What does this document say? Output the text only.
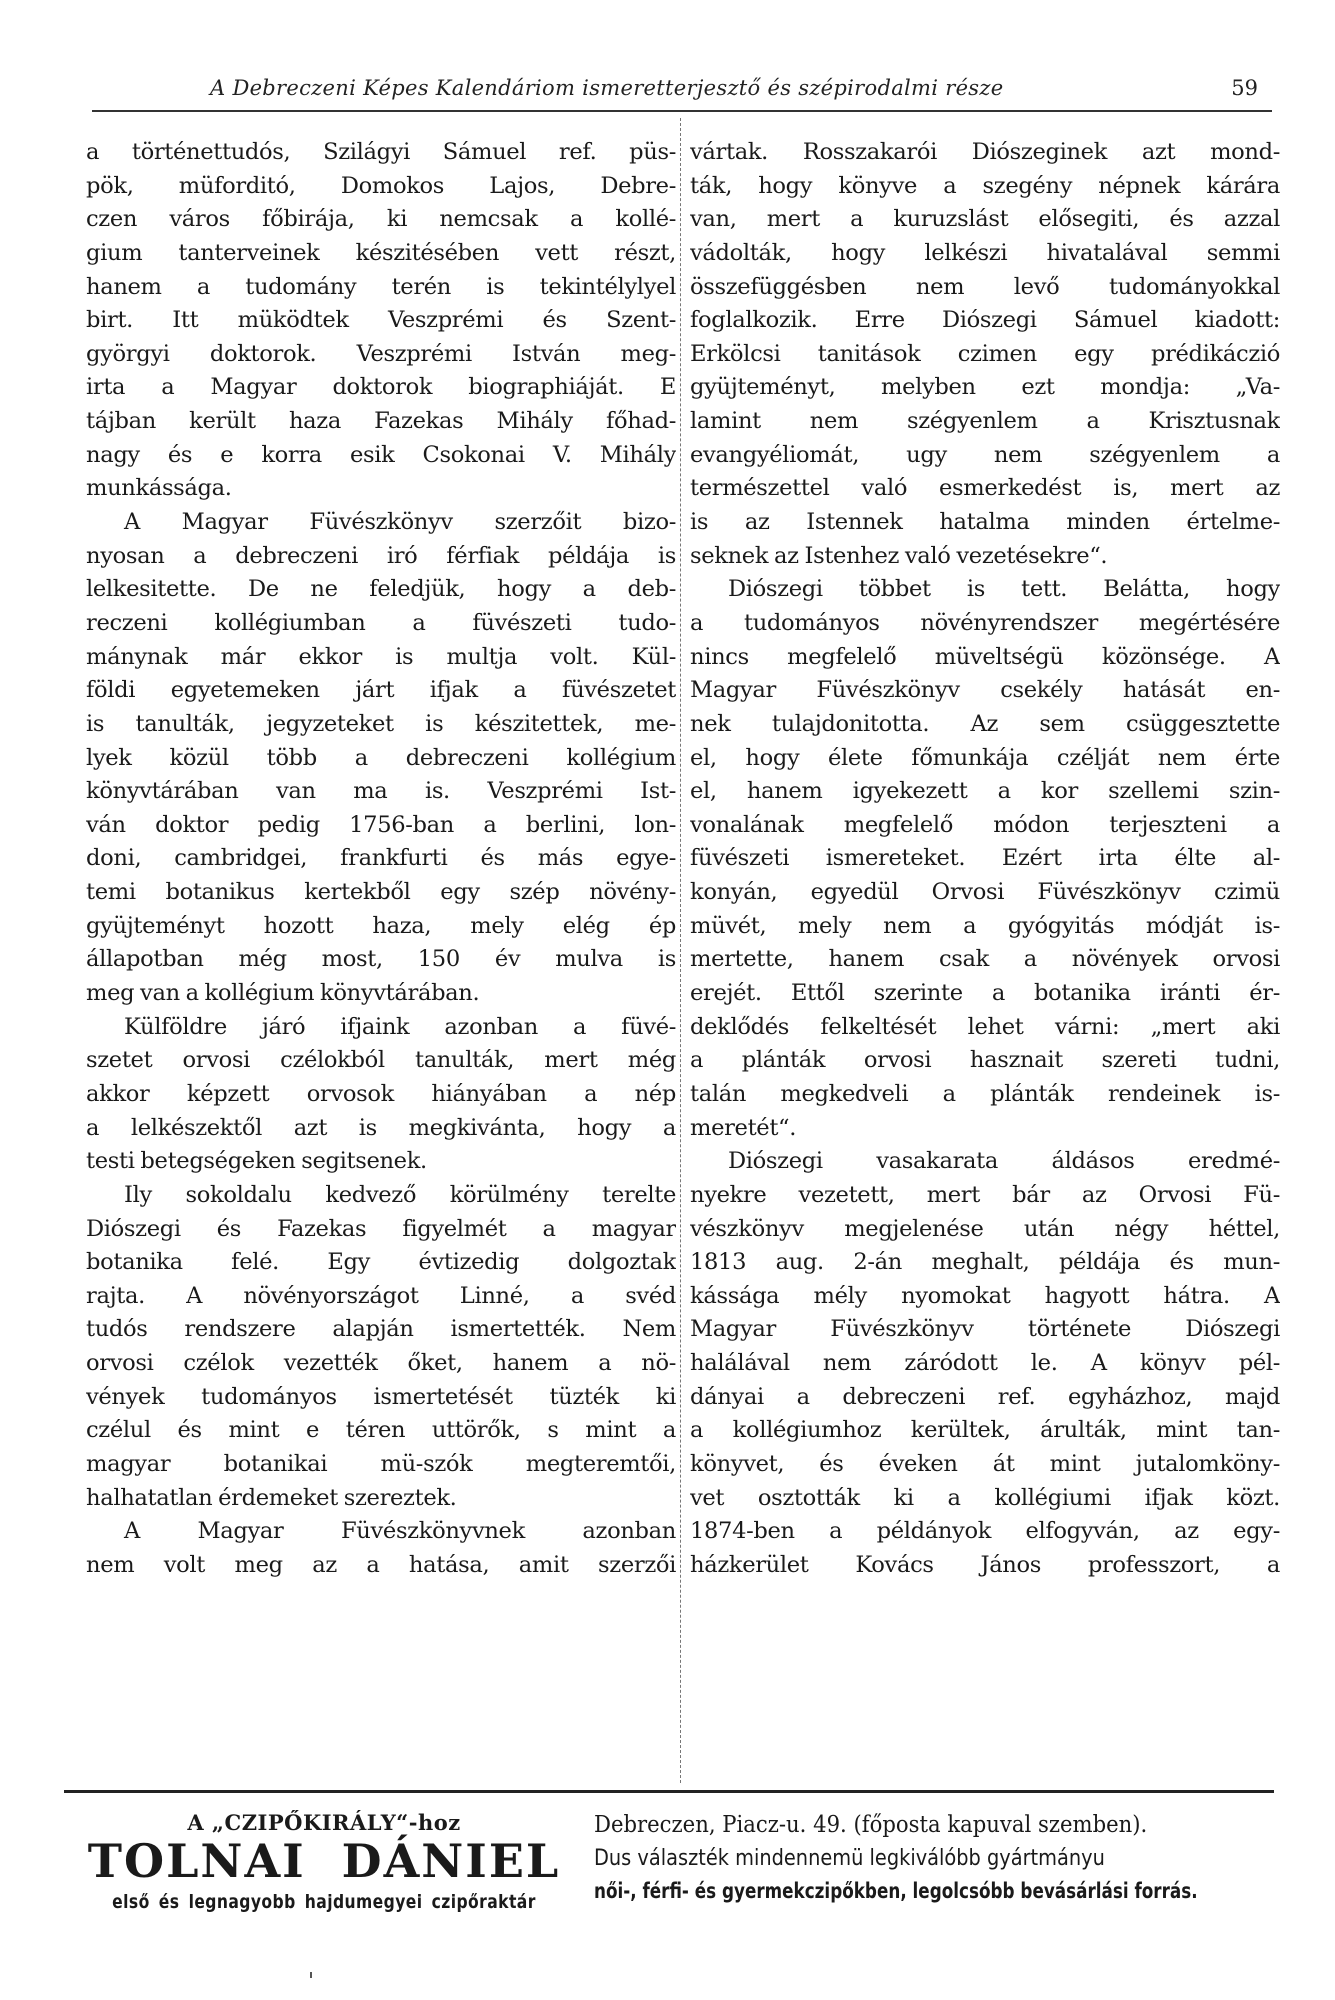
A Debreczeni Képes Kalendáriom ismeretterjesztő és szépirodalmi része	59
a történettudós, Szilágyi Sámuel ref. püs-
pök, müforditó, Domokos Lajos, Debre-
czen város főbirája, ki nemcsak a kollé-
gium tanterveinek készitésében vett részt,
hanem a tudomány terén is tekintélylyel
birt. Itt müködtek Veszprémi és Szent-
györgyi doktorok. Veszprémi István meg-
irta a Magyar doktorok biographiáját. E
tájban került haza Fazekas Mihály főhad-
nagy és e korra esik Csokonai V. Mihály
munkássága.
A Magyar Füvészkönyv szerzőit bizo-
nyosan a debreczeni iró férfiak példája is
lelkesitette. De ne feledjük, hogy a deb-
reczeni kollégiumban a füvészeti tudo-
mánynak már ekkor is multja volt. Kül-
földi egyetemeken járt ifjak a füvészetet
is tanulták, jegyzeteket is készitettek, me-
lyek közül több a debreczeni kollégium
könyvtárában van ma is. Veszprémi Ist-
ván doktor pedig 1756-ban a berlini, lon-
doni, cambridgei, frankfurti és más egye-
temi botanikus kertekből egy szép növény-
gyüjteményt hozott haza, mely elég ép
állapotban még most, 150 év mulva is
meg van a kollégium könyvtárában.
Külföldre járó ifjaink azonban a füvé-
szetet orvosi czélokból tanulták, mert még
akkor képzett orvosok hiányában a nép
a lelkészektől azt is megkivánta, hogy a
testi betegségeken segitsenek.
Ily sokoldalu kedvező körülmény terelte
Diószegi és Fazekas figyelmét a magyar
botanika felé. Egy évtizedig dolgoztak
rajta. A növényországot Linné, a svéd
tudós rendszere alapján ismertették. Nem
orvosi czélok vezették őket, hanem a nö-
vények tudományos ismertetését tüzték ki
czélul és mint e téren uttörők, s mint a
magyar botanikai mü-szók megteremtői,
halhatatlan érdemeket szereztek.
A Magyar Füvészkönyvnek azonban
nem volt meg az a hatása, amit szerzői
vártak. Rosszakarói Diószeginek azt mond-
ták, hogy könyve a szegény népnek kárára
van, mert a kuruzslást elősegiti, és azzal
vádolták, hogy lelkészi hivatalával semmi
összefüggésben nem levő tudományokkal
foglalkozik. Erre Diószegi Sámuel kiadott:
Erkölcsi tanitások czimen egy prédikáczió
gyüjteményt, melyben ezt mondja: „Va-
lamint nem szégyenlem a Krisztusnak
evangyéliomát, ugy nem szégyenlem a
természettel való esmerkedést is, mert az
is az Istennek hatalma minden értelme-
seknek az Istenhez való vezetésekre“.
Diószegi többet is tett. Belátta, hogy
a tudományos növényrendszer megértésére
nincs megfelelő müveltségü közönsége. A
Magyar Füvészkönyv csekély hatását en-
nek tulajdonitotta. Az sem csüggesztette
el, hogy élete főmunkája czélját nem érte
el, hanem igyekezett a kor szellemi szin-
vonalának megfelelő módon terjeszteni a
füvészeti ismereteket. Ezért irta élte al-
konyán, egyedül Orvosi Füvészkönyv czimü
müvét, mely nem a gyógyitás módját is-
mertette, hanem csak a növények orvosi
erejét. Ettől szerinte a botanika iránti ér-
deklődés felkeltését lehet várni: „mert aki
a plánták orvosi hasznait szereti tudni,
talán megkedveli a plánták rendeinek is-
meretét“.
Diószegi vasakarata áldásos eredmé-
nyekre vezetett, mert bár az Orvosi Fü-
vészkönyv megjelenése után négy héttel,
1813 aug. 2-án meghalt, példája és mun-
kássága mély nyomokat hagyott hátra. A
Magyar Füvészkönyv története Diószegi
halálával nem záródott le. A könyv pél-
dányai a debreczeni ref. egyházhoz, majd
a kollégiumhoz kerültek, árulták, mint tan-
könyvet, és éveken át mint jutalomköny-
vet osztották ki a kollégiumi ifjak közt.
1874-ben a példányok elfogyván, az egy-
házkerület Kovács János professzort, a
A „CZIPŐKIRÁLY“-hoz
TOLNAI DÁNIEL
első és legnagyobb hajdumegyei czipőraktár
Debreczen, Piacz-u. 49. (főposta kapuval szemben).
Dus választék mindennemü legkiválóbb gyártmányu
női-, férfi- és gyermekczipőkben, legolcsóbb bevásárlási forrás.
